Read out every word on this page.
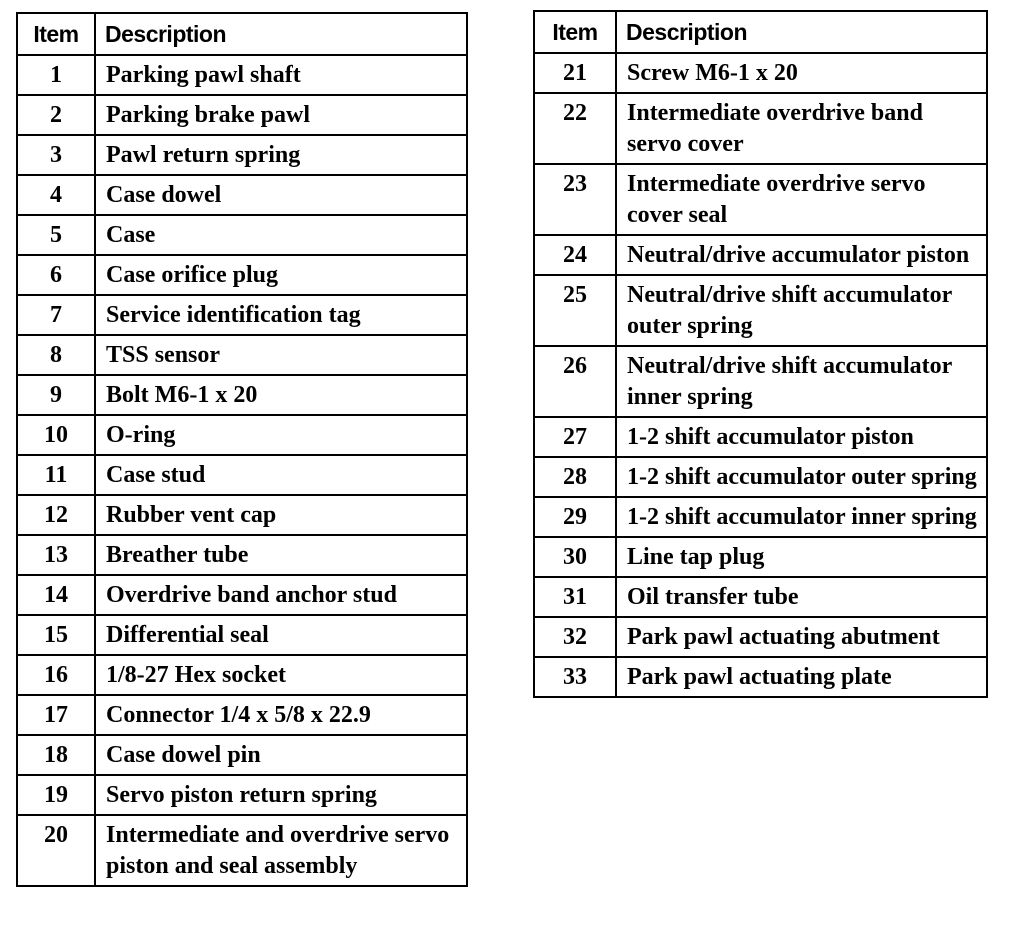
Item	Description
1	Parking pawl shaft
2	Parking brake pawl
3	Pawl return spring
4	Case dowel
5	Case
6	Case orifice plug
7	Service identification tag
8	TSS sensor
9	Bolt M6-1 x 20
10	O-ring
11	Case stud
12	Rubber vent cap
13	Breather tube
14	Overdrive band anchor stud
15	Differential seal
16	1/8-27 Hex socket
17	Connector 1/4 x 5/8 x 22.9
18	Case dowel pin
19	Servo piston return spring
20	Intermediate and overdrive servo piston and seal assembly
Item	Description
21	Screw M6-1 x 20
22	Intermediate overdrive band servo cover
23	Intermediate overdrive servo cover seal
24	Neutral/drive accumulator piston
25	Neutral/drive shift accumulator outer spring
26	Neutral/drive shift accumulator inner spring
27	1-2 shift accumulator piston
28	1-2 shift accumulator outer spring
29	1-2 shift accumulator inner spring
30	Line tap plug
31	Oil transfer tube
32	Park pawl actuating abutment
33	Park pawl actuating plate
